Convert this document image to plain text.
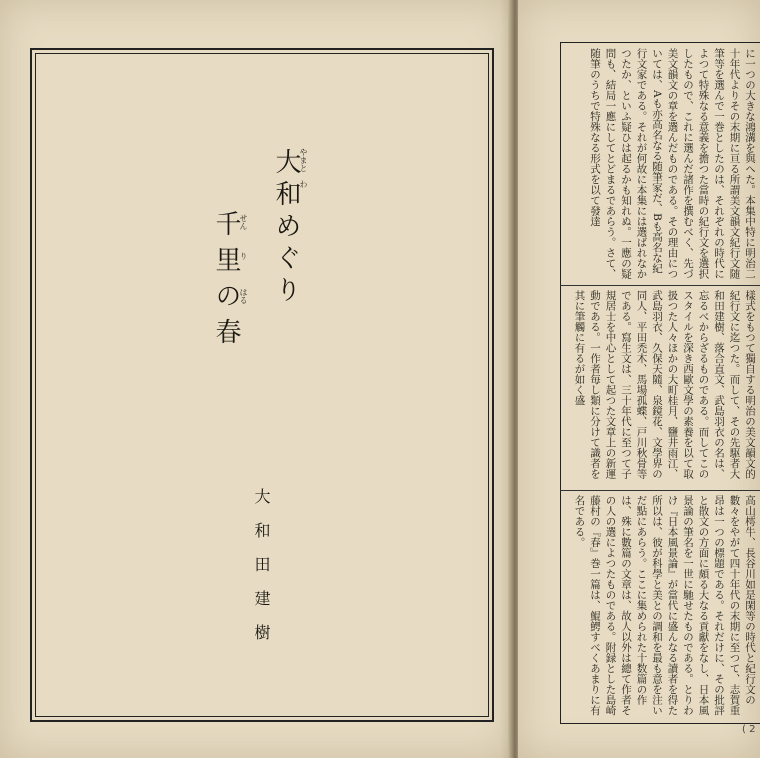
大和めぐり
やまと
わ
千里の春
せん
り
はる
大和田建樹
に一つの大きな鴻溝を與へた。本集中特に明治二十年代よりその末期に亘る所謂美文韻文紀行文随筆等を選んで一巻としたのは、それぞれの時代によつて特殊なる意義を擔つた當時の紀行文を選択したもので、これに選んだ諸作を撰むべく、先づ美文韻文の章を選んだものである。その理由については、Aも亦高名なる随筆家だ、Bも高名な紀行文家である。それが何故に本集には選ばれなかつたか、といふ疑ひは起るかも知れぬ。一應の疑問も、結局一應にしてとどまるであらう。さて、随筆のうちで特殊なる形式を以て發達
樣式をもつて獨自する明治の美文韻文的紀行文に迄つた。而して、その先駆者大和田建樹、落合直文、武島羽衣の名は、忘るべからざるものである。而してこのスタイルを深き西歐文學の素養を以て取扱つた人々ほかの大町桂月、鹽井雨江、武島羽衣、久保天隨、泉鏡花、文學界の同人、平田禿木、馬場孤蝶、戸川秋骨等である。寫生文は、三十年代に至つて子規居士を中心として起つた文章上の新運動である。一作者毎し類に分けて識者を其に筆觸に有るが如く盛
高山樗牛、長谷川如是閑等の時代と紀行文の數々をやがて四十年代の末期に至つて、志賀重昂は一つの標題である。それだけに、その批評と散文の方面に頗る大なる貢獻をなし、日本風景論の筆名を一世に馳せたものである。とりわけ『日本風景論』が當代に盛んなる讀者を得た所以は、彼が科學と美との調和を最も意を注いだ點にあらう。ここに集められた十数篇の作は、殊に數篇の文章は、故人以外は總て作者その人の選によつたものである。附録とした島崎藤村の『春』巻一篇は、鯤鰐すべくあまりに有名である。
( 2
